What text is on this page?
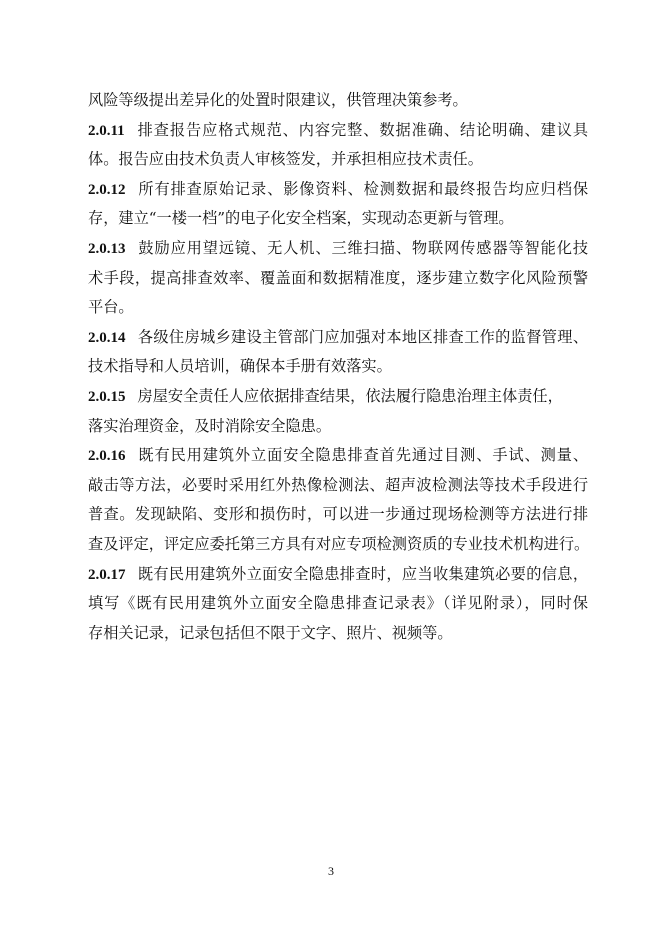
风险等级提出差异化的处置时限建议，供管理决策参考。
2.0.11 排查报告应格式规范、内容完整、数据准确、结论明确、建议具
体。报告应由技术负责人审核签发，并承担相应技术责任。
2.0.12 所有排查原始记录、影像资料、检测数据和最终报告均应归档保
存，建立“一楼一档”的电子化安全档案，实现动态更新与管理。
2.0.13 鼓励应用望远镜、无人机、三维扫描、物联网传感器等智能化技
术手段，提高排查效率、覆盖面和数据精准度，逐步建立数字化风险预警
平台。
2.0.14 各级住房城乡建设主管部门应加强对本地区排查工作的监督管理、
技术指导和人员培训，确保本手册有效落实。
2.0.15 房屋安全责任人应依据排查结果，依法履行隐患治理主体责任，
落实治理资金，及时消除安全隐患。
2.0.16 既有民用建筑外立面安全隐患排查首先通过目测、手试、测量、
敲击等方法，必要时采用红外热像检测法、超声波检测法等技术手段进行
普查。发现缺陷、变形和损伤时，可以进一步通过现场检测等方法进行排
查及评定，评定应委托第三方具有对应专项检测资质的专业技术机构进行。
2.0.17 既有民用建筑外立面安全隐患排查时，应当收集建筑必要的信息，
填写《既有民用建筑外立面安全隐患排查记录表》（详见附录），同时保
存相关记录，记录包括但不限于文字、照片、视频等。
3
